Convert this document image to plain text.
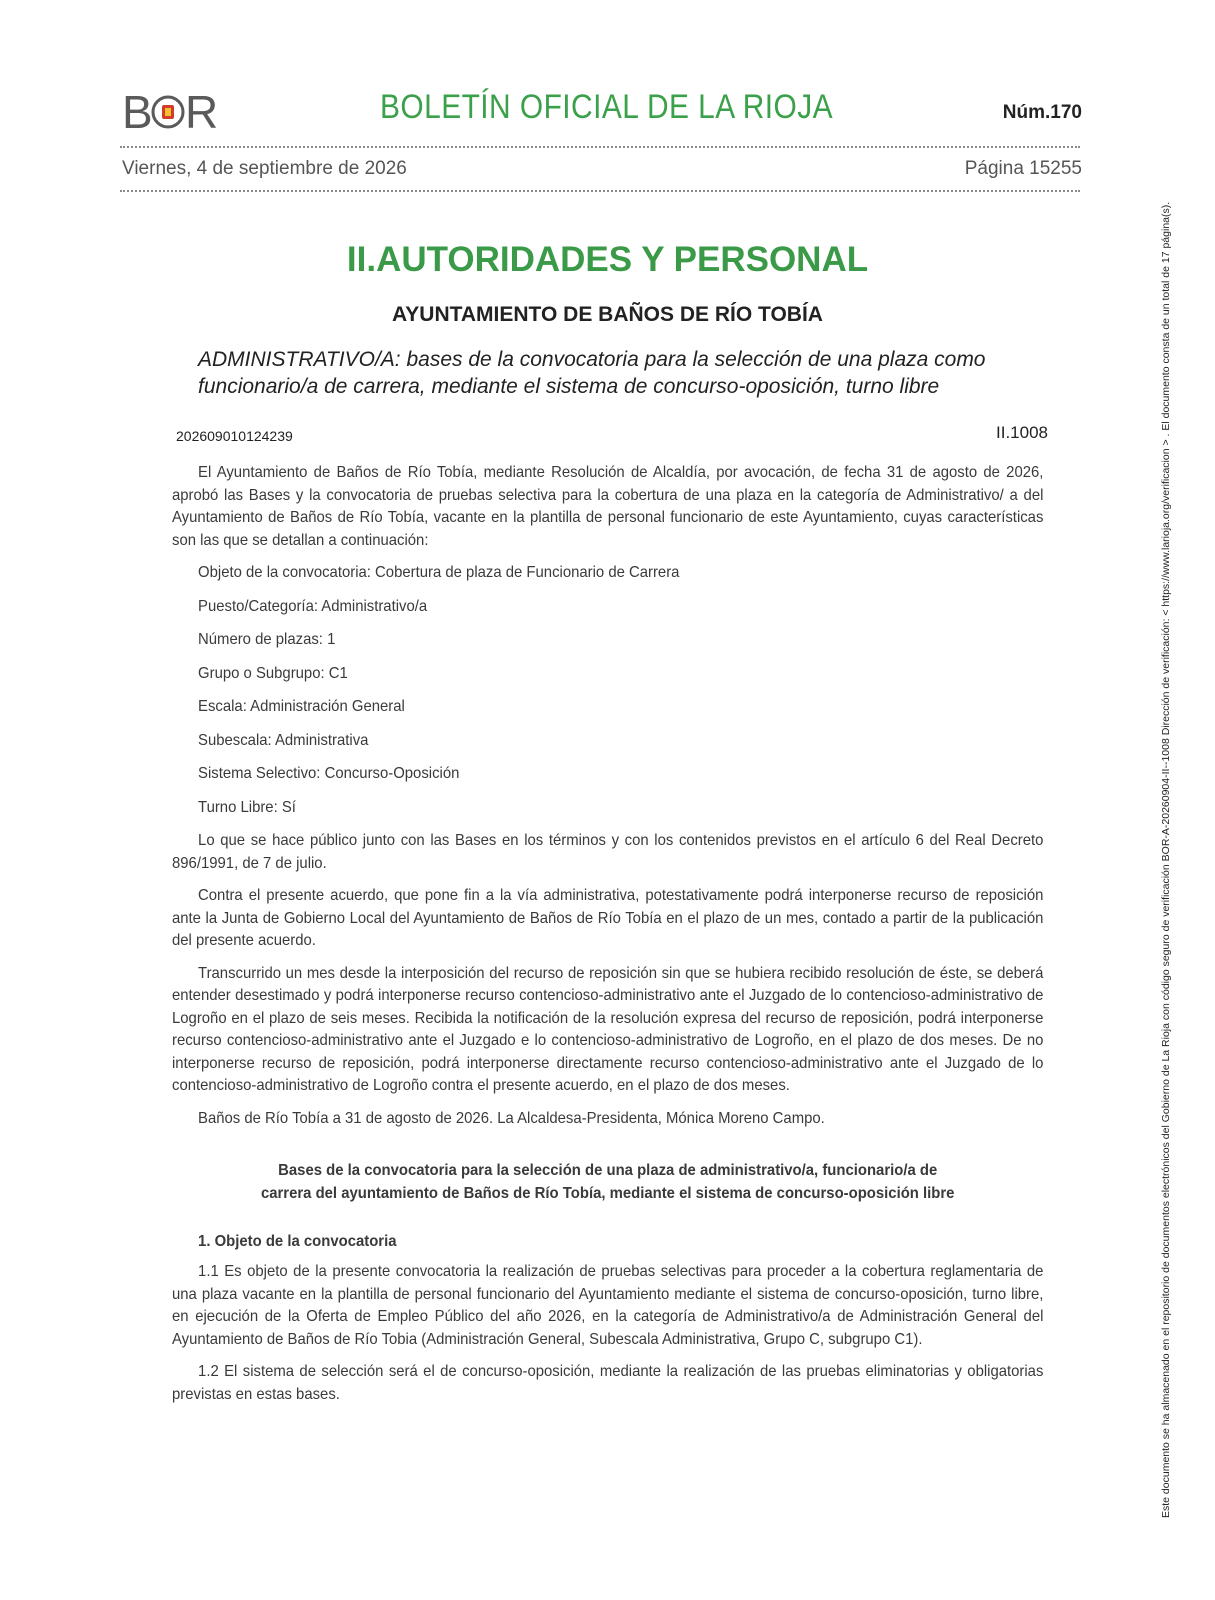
B R	BOLETÍN OFICIAL DE LA RIOJA	Núm.170
Viernes, 4 de septiembre de 2026	Página 15255
II.AUTORIDADES Y PERSONAL
AYUNTAMIENTO DE BAÑOS DE RÍO TOBÍA
ADMINISTRATIVO/A: bases de la convocatoria para la selección de una plaza como funcionario/a de carrera, mediante el sistema de concurso-oposición, turno libre
202609010124239	II.1008

El Ayuntamiento de Baños de Río Tobía, mediante Resolución de Alcaldía, por avocación, de fecha 31 de agosto de 2026, aprobó las Bases y la convocatoria de pruebas selectiva para la cobertura de una plaza en la categoría de Administrativo/ a del Ayuntamiento de Baños de Río Tobía, vacante en la plantilla de personal funcionario de este Ayuntamiento, cuyas características son las que se detallan a continuación:

Objeto de la convocatoria: Cobertura de plaza de Funcionario de Carrera

Puesto/Categoría: Administrativo/a

Número de plazas: 1

Grupo o Subgrupo: C1

Escala: Administración General

Subescala: Administrativa

Sistema Selectivo: Concurso-Oposición

Turno Libre: Sí

Lo que se hace público junto con las Bases en los términos y con los contenidos previstos en el artículo 6 del Real Decreto 896/1991, de 7 de julio.

Contra el presente acuerdo, que pone fin a la vía administrativa, potestativamente podrá interponerse recurso de reposición ante la Junta de Gobierno Local del Ayuntamiento de Baños de Río Tobía en el plazo de un mes, contado a partir de la publicación del presente acuerdo.

Transcurrido un mes desde la interposición del recurso de reposición sin que se hubiera recibido resolución de éste, se deberá entender desestimado y podrá interponerse recurso contencioso-administrativo ante el Juzgado de lo contencioso-administrativo de Logroño en el plazo de seis meses. Recibida la notificación de la resolución expresa del recurso de reposición, podrá interponerse recurso contencioso-administrativo ante el Juzgado e lo contencioso-administrativo de Logroño, en el plazo de dos meses. De no interponerse recurso de reposición, podrá interponerse directamente recurso contencioso-administrativo ante el Juzgado de lo contencioso-administrativo de Logroño contra el presente acuerdo, en el plazo de dos meses.

Baños de Río Tobía a 31 de agosto de 2026. La Alcaldesa-Presidenta, Mónica Moreno Campo.

Bases de la convocatoria para la selección de una plaza de administrativo/a, funcionario/a de
carrera del ayuntamiento de Baños de Río Tobía, mediante el sistema de concurso-oposición libre
1. Objeto de la convocatoria

1.1 Es objeto de la presente convocatoria la realización de pruebas selectivas para proceder a la cobertura reglamentaria de una plaza vacante en la plantilla de personal funcionario del Ayuntamiento mediante el sistema de concurso-oposición, turno libre, en ejecución de la Oferta de Empleo Público del año 2026, en la categoría de Administrativo/a de Administración General del Ayuntamiento de Baños de Río Tobia (Administración General, Subescala Administrativa, Grupo C, subgrupo C1).

1.2 El sistema de selección será el de concurso-oposición, mediante la realización de las pruebas eliminatorias y obligatorias previstas en estas bases.	Este documento se ha almacenado en el repositorio de documentos electrónicos del Gobierno de La Rioja con código seguro de verificación BOR-A-20260904-II--1008 Dirección de verificación: < https://www.larioja.org/verificacion > . El documento consta de un total de 17 página(s).
